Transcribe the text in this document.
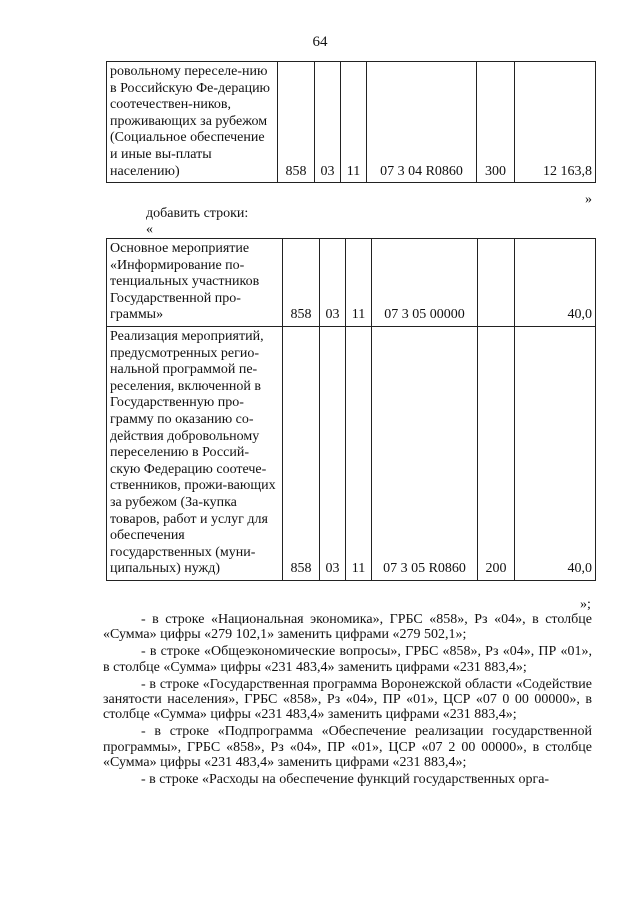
64
ровольному переселе-нию в Российскую Фе-дерацию соотечествен-ников, проживающих за рубежом (Социальное обеспечение и иные вы-платы населению)	858	03	11	07 3 04 R0860	300	12 163,8
»
добавить строки:
«
Основное мероприятие «Информирование по-тенциальных участников Государственной про-граммы»	858	03	11	07 3 05 00000		40,0
Реализация мероприятий, предусмотренных регио-нальной программой пе-реселения, включенной в Государственную про-грамму по оказанию со-действия добровольному переселению в Россий-скую Федерацию соотече-ственников, прожи-вающих за рубежом (За-купка товаров, работ и услуг для обеспечения государственных (муни-ципальных) нужд)	858	03	11	07 3 05 R0860	200	40,0
»;

- в строке «Национальная экономика», ГРБС «858», Рз «04», в столбце «Сумма» цифры «279 102,1» заменить цифрами «279 502,1»;

- в строке «Общеэкономические вопросы», ГРБС «858», Рз «04», ПР «01», в столбце «Сумма» цифры «231 483,4» заменить цифрами «231 883,4»;

- в строке «Государственная программа Воронежской области «Содействие занятости населения», ГРБС «858», Рз «04», ПР «01», ЦСР «07 0 00 00000», в столбце «Сумма» цифры «231 483,4» заменить цифрами «231 883,4»;

- в строке «Подпрограмма «Обеспечение реализации государственной программы», ГРБС «858», Рз «04», ПР «01», ЦСР «07 2 00 00000», в столбце «Сумма» цифры «231 483,4» заменить цифрами «231 883,4»;

- в строке «Расходы на обеспечение функций государственных орга-
